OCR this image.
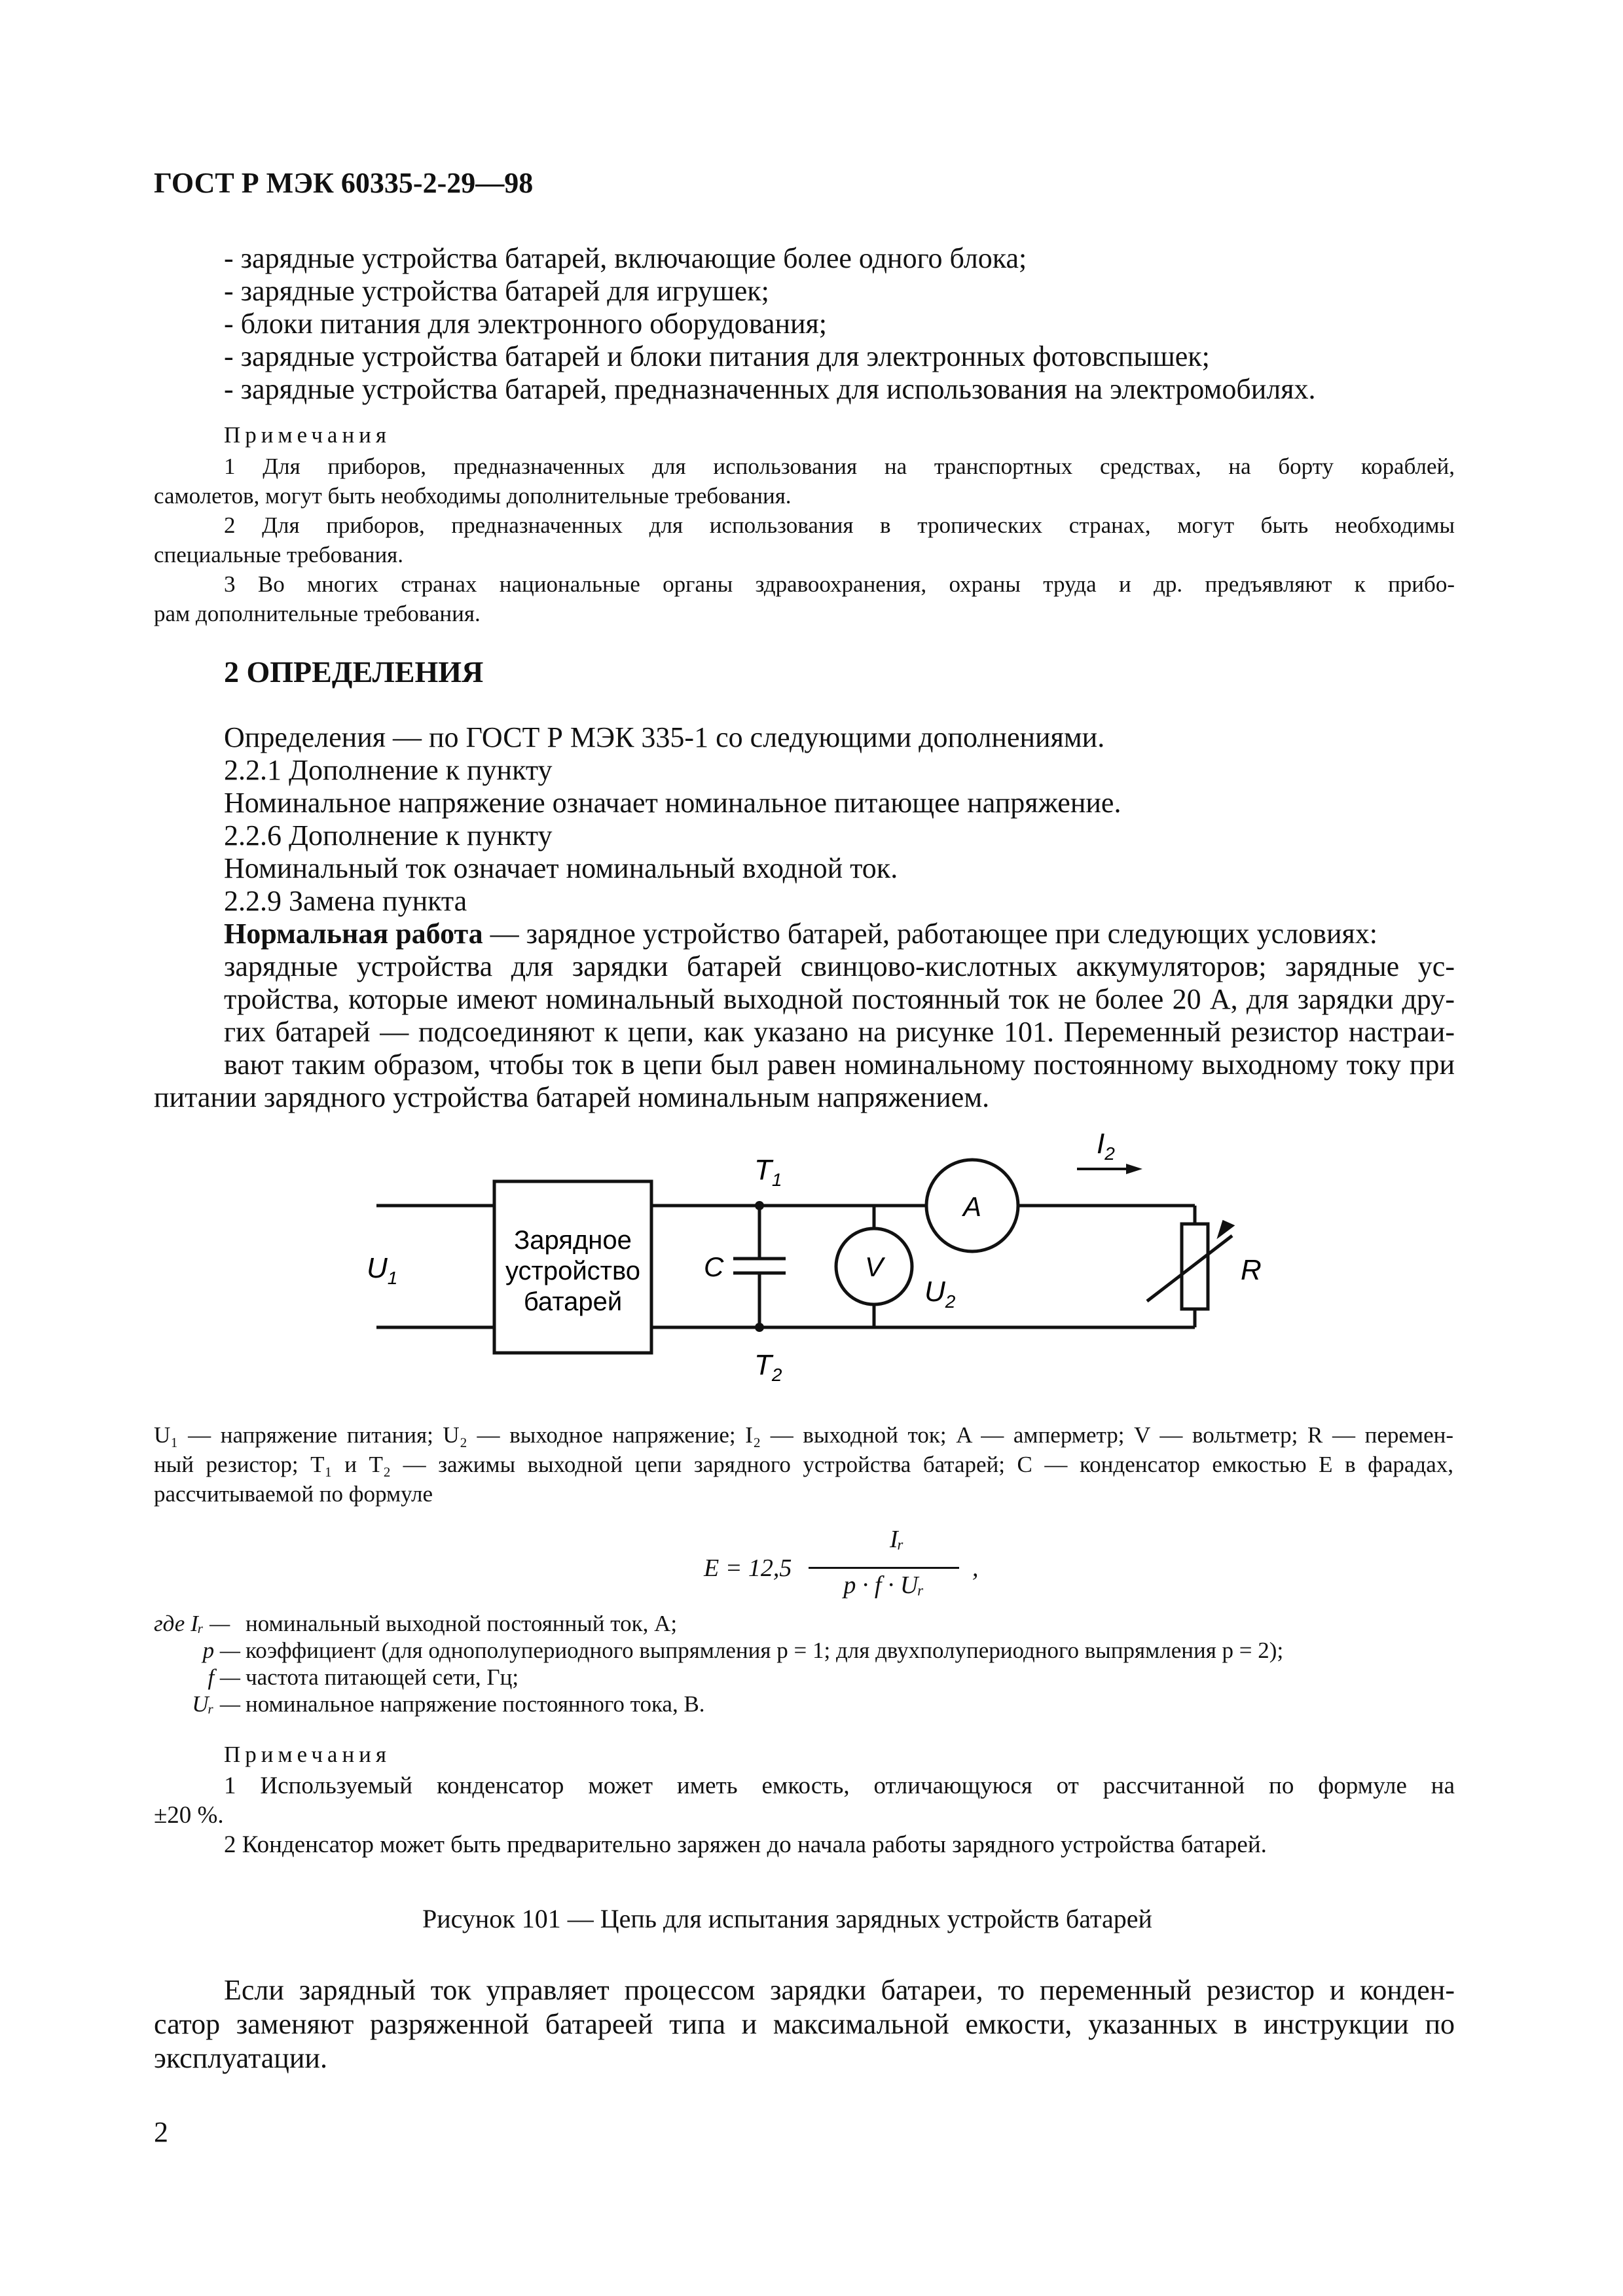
ГОСТ Р МЭК 60335-2-29—98
- зарядные устройства батарей, включающие более одного блока;
- зарядные устройства батарей для игрушек;
- блоки питания для электронного оборудования;
- зарядные устройства батарей и блоки питания для электронных фотовспышек;
- зарядные устройства батарей, предназначенных для использования на электромобилях.
Примечания
1 Для приборов, предназначенных для использования на транспортных средствах, на борту кораблей,
самолетов, могут быть необходимы дополнительные требования.
2 Для приборов, предназначенных для использования в тропических странах, могут быть необходимы
специальные требования.
3 Во многих странах национальные органы здравоохранения, охраны труда и др. предъявляют к прибо-
рам дополнительные требования.
2 ОПРЕДЕЛЕНИЯ
Определения — по ГОСТ Р МЭК 335-1 со следующими дополнениями.
2.2.1 Дополнение к пункту
Номинальное напряжение означает номинальное питающее напряжение.
2.2.6 Дополнение к пункту
Номинальный ток означает номинальный входной ток.
2.2.9 Замена пункта
Нормальная работа — зарядное устройство батарей, работающее при следующих условиях:
зарядные устройства для зарядки батарей свинцово-кислотных аккумуляторов; зарядные ус-
тройства, которые имеют номинальный выходной постоянный ток не более 20 А, для зарядки дру-
гих батарей — подсоединяют к цепи, как указано на рисунке 101. Переменный резистор настраи-
вают таким образом, чтобы ток в цепи был равен номинальному постоянному выходному току при
питании зарядного устройства батарей номинальным напряжением.
Зарядное
устройство
батарей
$U_1$
$T_1$
$T_2$
$I_2$
C	V
A
$U_2$
R
U₁ — напряжение питания; U₂ — выходное напряжение; I₂ — выходной ток; A — амперметр; V — вольтметр; R — перемен-
ный резистор; T₁ и T₂ — зажимы выходной цепи зарядного устройства батарей; C — конденсатор емкостью E в фарадах,
рассчитываемой по формуле
E = 12,5
Iᵣ
p · f · Uᵣ
,
где Iᵣ — номинальный выходной постоянный ток, А;
p — коэффициент (для однополупериодного выпрямления p = 1; для двухполупериодного выпрямления p = 2);
f — частота питающей сети, Гц;
Uᵣ — номинальное напряжение постоянного тока, В.
Примечания
1 Используемый конденсатор может иметь емкость, отличающуюся от рассчитанной по формуле на
±20 %.
2 Конденсатор может быть предварительно заряжен до начала работы зарядного устройства батарей.
Рисунок 101 — Цепь для испытания зарядных устройств батарей
Если зарядный ток управляет процессом зарядки батареи, то переменный резистор и конден-
сатор заменяют разряженной батареей типа и максимальной емкости, указанных в инструкции по
эксплуатации.
2
